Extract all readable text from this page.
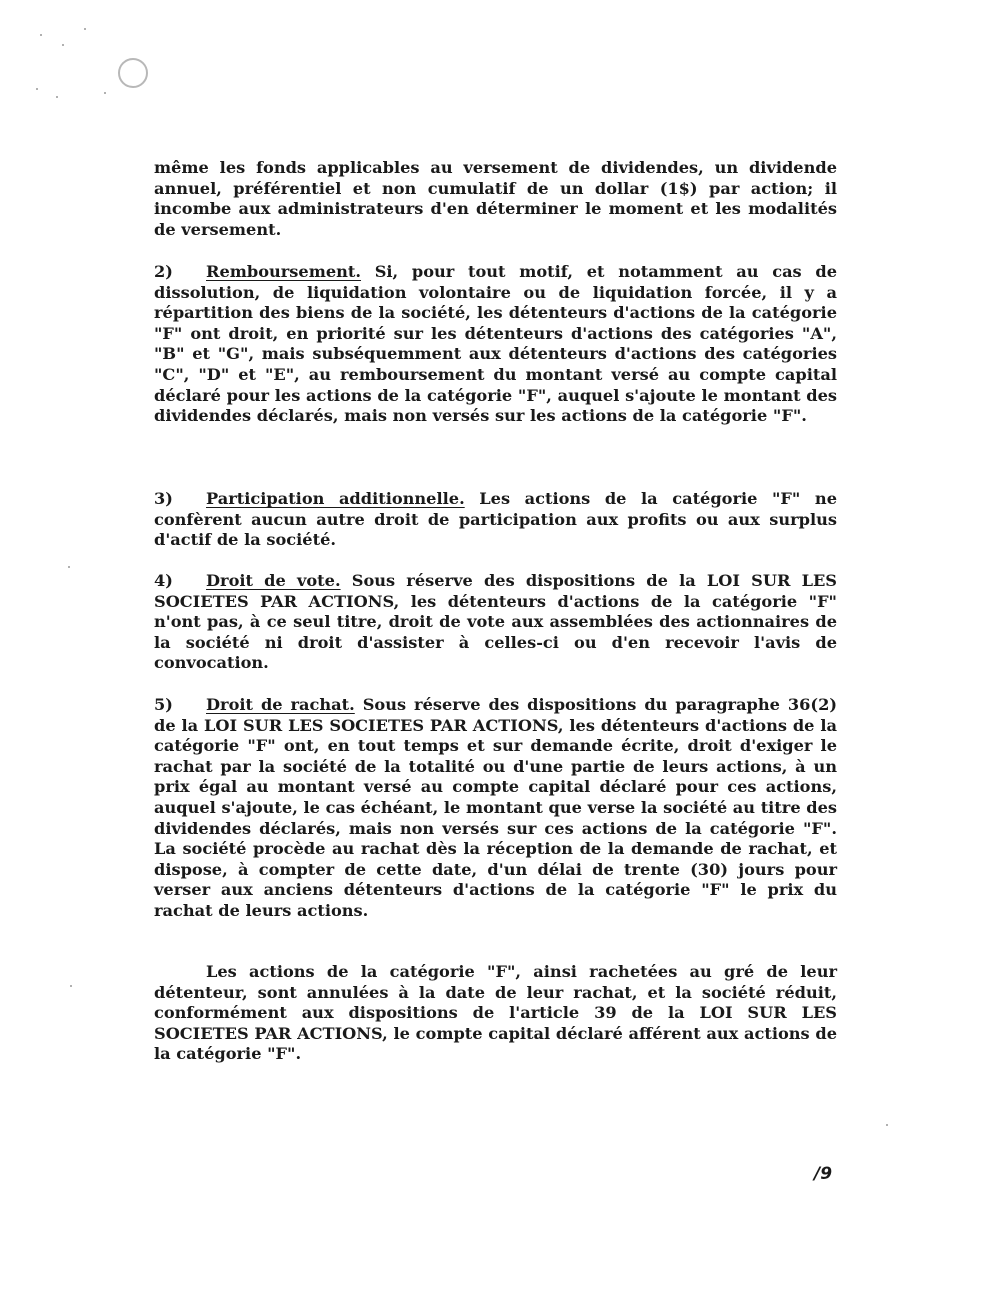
même les fonds applicables au versement de dividendes, un dividende annuel, préférentiel et non cumulatif de un dollar (1$) par action; il incombe aux administrateurs d'en déterminer le moment et les modalités de versement.

2) Remboursement. Si, pour tout motif, et notamment au cas de dissolution, de liquidation volontaire ou de liquidation forcée, il y a répartition des biens de la société, les détenteurs d'actions de la catégorie "F" ont droit, en priorité sur les détenteurs d'actions des catégories "A", "B" et "G", mais subséquemment aux détenteurs d'actions des catégories "C", "D" et "E", au remboursement du montant versé au compte capital déclaré pour les actions de la catégorie "F", auquel s'ajoute le montant des dividendes déclarés, mais non versés sur les actions de la catégorie "F".

3) Participation additionnelle. Les actions de la catégorie "F" ne confèrent aucun autre droit de participation aux profits ou aux surplus d'actif de la société.

4) Droit de vote. Sous réserve des dispositions de la LOI SUR LES SOCIETES PAR ACTIONS, les détenteurs d'actions de la catégorie "F" n'ont pas, à ce seul titre, droit de vote aux assemblées des actionnaires de la société ni droit d'assister à celles-ci ou d'en recevoir l'avis de convocation.

5) Droit de rachat. Sous réserve des dispositions du paragraphe 36(2) de la LOI SUR LES SOCIETES PAR ACTIONS, les détenteurs d'actions de la catégorie "F" ont, en tout temps et sur demande écrite, droit d'exiger le rachat par la société de la totalité ou d'une partie de leurs actions, à un prix égal au montant versé au compte capital déclaré pour ces actions, auquel s'ajoute, le cas échéant, le montant que verse la société au titre des dividendes déclarés, mais non versés sur ces actions de la catégorie "F". La société procède au rachat dès la réception de la demande de rachat, et dispose, à compter de cette date, d'un délai de trente (30) jours pour verser aux anciens détenteurs d'actions de la catégorie "F" le prix du rachat de leurs actions.

Les actions de la catégorie "F", ainsi rachetées au gré de leur détenteur, sont annulées à la date de leur rachat, et la société réduit, conformément aux dispositions de l'article 39 de la LOI SUR LES SOCIETES PAR ACTIONS, le compte capital déclaré afférent aux actions de la catégorie "F".

/9
